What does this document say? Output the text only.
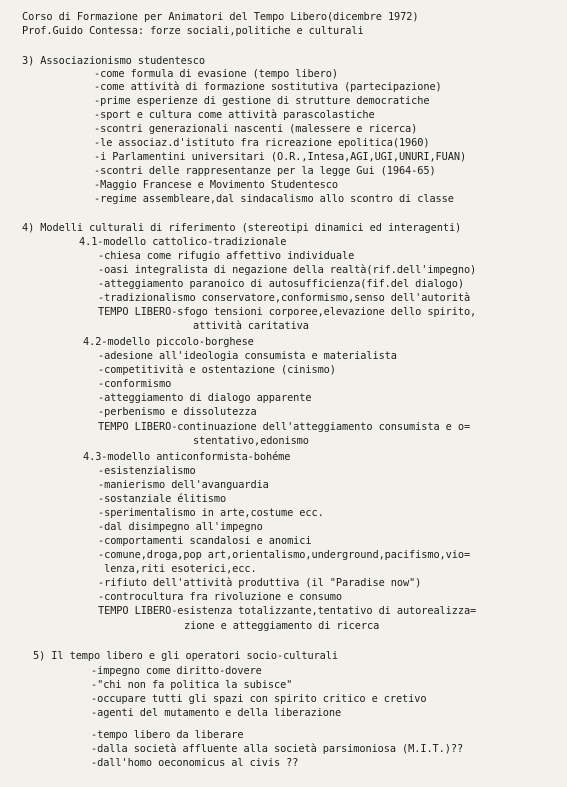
Corso di Formazione per Animatori del Tempo Libero(dicembre 1972)
Prof.Guido Contessa: forze sociali,politiche e culturali
3) Associazionismo studentesco
-come formula di evasione (tempo libero)
-come attività di formazione sostitutiva (partecipazione)
-prime esperienze di gestione di strutture democratiche
-sport e cultura come attività parascolastiche
-scontri generazionali nascenti (malessere e ricerca)
-le associaz.d'istituto fra ricreazione epolitica(1960)
-i Parlamentini universitari (O.R.,Intesa,AGI,UGI,UNURI,FUAN)
-scontri delle rappresentanze per la legge Gui (1964-65)
-Maggio Francese e Movimento Studentesco
-regime assembleare,dal sindacalismo allo scontro di classe
4) Modelli culturali di riferimento (stereotipi dinamici ed interagenti)
4.1-modello cattolico-tradizionale
-chiesa come rifugio affettivo individuale
-oasi integralista di negazione della realtà(rif.dell'impegno)
-atteggiamento paranoico di autosufficienza(fif.del dialogo)
-tradizionalismo conservatore,conformismo,senso dell'autorità
TEMPO LIBERO-sfogo tensioni corporee,elevazione dello spirito,
attività caritativa
4.2-modello piccolo-borghese
-adesione all'ideologia consumista e materialista
-competitività e ostentazione (cinismo)
-conformismo
-atteggiamento di dialogo apparente
-perbenismo e dissolutezza
TEMPO LIBERO-continuazione dell'atteggiamento consumista e o=
stentativo,edonismo
4.3-modello anticonformista-bohéme
-esistenzialismo
-manierismo dell'avanguardia
-sostanziale élitismo
-sperimentalismo in arte,costume ecc.
-dal disimpegno all'impegno
-comportamenti scandalosi e anomici
-comune,droga,pop art,orientalismo,underground,pacifismo,vio=
lenza,riti esoterici,ecc.
-rifiuto dell'attività produttiva (il "Paradise now")
-controcultura fra rivoluzione e consumo
TEMPO LIBERO-esistenza totalizzante,tentativo di autorealizza=
zione e atteggiamento di ricerca
5) Il tempo libero e gli operatori socio-culturali
-impegno come diritto-dovere
-"chi non fa politica la subisce"
-occupare tutti gli spazi con spirito critico e cretivo
-agenti del mutamento e della liberazione
-tempo libero da liberare
-dalla società affluente alla società parsimoniosa (M.I.T.)??
-dall'homo oeconomicus al civis ??
